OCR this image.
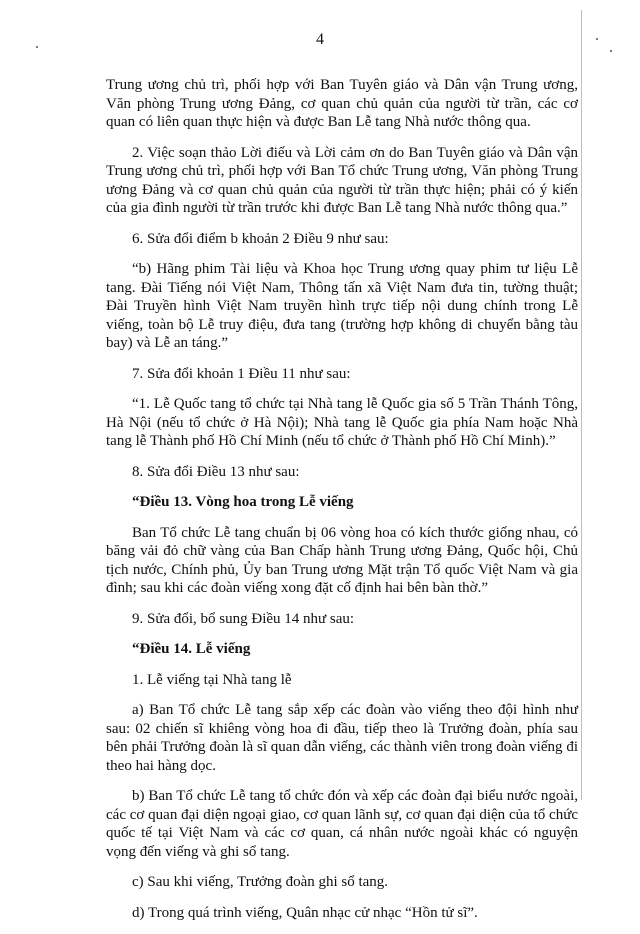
4

Trung ương chủ trì, phối hợp với Ban Tuyên giáo và Dân vận Trung ương, Văn phòng Trung ương Đảng, cơ quan chủ quản của người từ trần, các cơ quan có liên quan thực hiện và được Ban Lễ tang Nhà nước thông qua.

2. Việc soạn thảo Lời điếu và Lời cảm ơn do Ban Tuyên giáo và Dân vận Trung ương chủ trì, phối hợp với Ban Tổ chức Trung ương, Văn phòng Trung ương Đảng và cơ quan chủ quản của người từ trần thực hiện; phải có ý kiến của gia đình người từ trần trước khi được Ban Lễ tang Nhà nước thông qua.”

6. Sửa đổi điểm b khoản 2 Điều 9 như sau:

“b) Hãng phim Tài liệu và Khoa học Trung ương quay phim tư liệu Lễ tang. Đài Tiếng nói Việt Nam, Thông tấn xã Việt Nam đưa tin, tường thuật; Đài Truyền hình Việt Nam truyền hình trực tiếp nội dung chính trong Lễ viếng, toàn bộ Lễ truy điệu, đưa tang (trường hợp không di chuyển bằng tàu bay) và Lễ an táng.”

7. Sửa đổi khoản 1 Điều 11 như sau:

“1. Lễ Quốc tang tổ chức tại Nhà tang lễ Quốc gia số 5 Trần Thánh Tông, Hà Nội (nếu tổ chức ở Hà Nội); Nhà tang lễ Quốc gia phía Nam hoặc Nhà tang lễ Thành phố Hồ Chí Minh (nếu tổ chức ở Thành phố Hồ Chí Minh).”

8. Sửa đổi Điều 13 như sau:

“Điều 13. Vòng hoa trong Lễ viếng

Ban Tổ chức Lễ tang chuẩn bị 06 vòng hoa có kích thước giống nhau, có băng vải đỏ chữ vàng của Ban Chấp hành Trung ương Đảng, Quốc hội, Chủ tịch nước, Chính phủ, Ủy ban Trung ương Mặt trận Tổ quốc Việt Nam và gia đình; sau khi các đoàn viếng xong đặt cố định hai bên bàn thờ.”

9. Sửa đổi, bổ sung Điều 14 như sau:

“Điều 14. Lễ viếng

1. Lễ viếng tại Nhà tang lễ

a) Ban Tổ chức Lễ tang sắp xếp các đoàn vào viếng theo đội hình như sau: 02 chiến sĩ khiêng vòng hoa đi đầu, tiếp theo là Trưởng đoàn, phía sau bên phải Trưởng đoàn là sĩ quan dẫn viếng, các thành viên trong đoàn viếng đi theo hai hàng dọc.

b) Ban Tổ chức Lễ tang tổ chức đón và xếp các đoàn đại biểu nước ngoài, các cơ quan đại diện ngoại giao, cơ quan lãnh sự, cơ quan đại diện của tổ chức quốc tế tại Việt Nam và các cơ quan, cá nhân nước ngoài khác có nguyện vọng đến viếng và ghi sổ tang.

c) Sau khi viếng, Trưởng đoàn ghi sổ tang.

d) Trong quá trình viếng, Quân nhạc cử nhạc “Hồn tử sĩ”.
